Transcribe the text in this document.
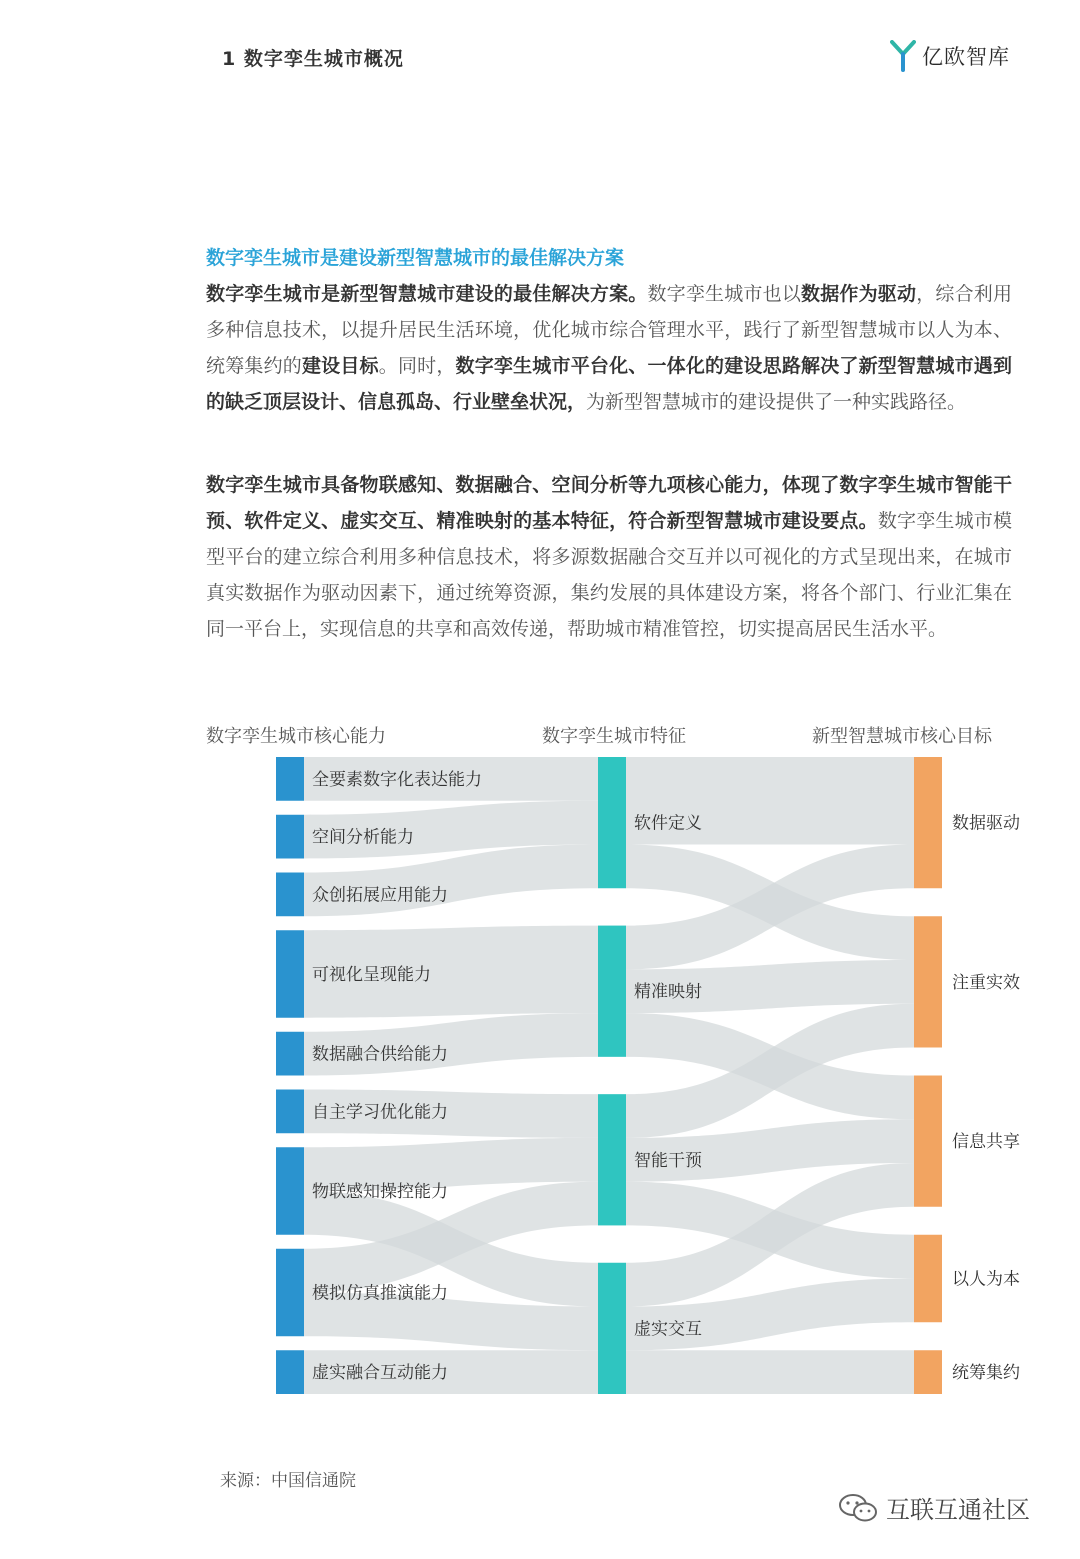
1 数字孪生城市概况	亿欧智库
数字孪生城市是建设新型智慧城市的最佳解决方案

数字孪生城市是新型智慧城市建设的最佳解决方案。数字孪生城市也以数据作为驱动，综合利用多种信息技术，以提升居民生活环境，优化城市综合管理水平，践行了新型智慧城市以人为本、统筹集约的建设目标。同时，数字孪生城市平台化、一体化的建设思路解决了新型智慧城市遇到的缺乏顶层设计、信息孤岛、行业壁垒状况，为新型智慧城市的建设提供了一种实践路径。

数字孪生城市具备物联感知、数据融合、空间分析等九项核心能力，体现了数字孪生城市智能干预、软件定义、虚实交互、精准映射的基本特征，符合新型智慧城市建设要点。数字孪生城市模型平台的建立综合利用多种信息技术，将多源数据融合交互并以可视化的方式呈现出来，在城市真实数据作为驱动因素下，通过统筹资源，集约发展的具体建设方案，将各个部门、行业汇集在同一平台上，实现信息的共享和高效传递，帮助城市精准管控，切实提高居民生活水平。

数字孪生城市核心能力	数字孪生城市特征	新型智慧城市核心目标
全要素数字化表达能力
空间分析能力
众创拓展应用能力
可视化呈现能力
数据融合供给能力
自主学习优化能力
物联感知操控能力
模拟仿真推演能力
虚实融合互动能力
软件定义
精准映射
智能干预
虚实交互
数据驱动
注重实效
信息共享
以人为本
统筹集约
来源：中国信通院
互联互通社区
